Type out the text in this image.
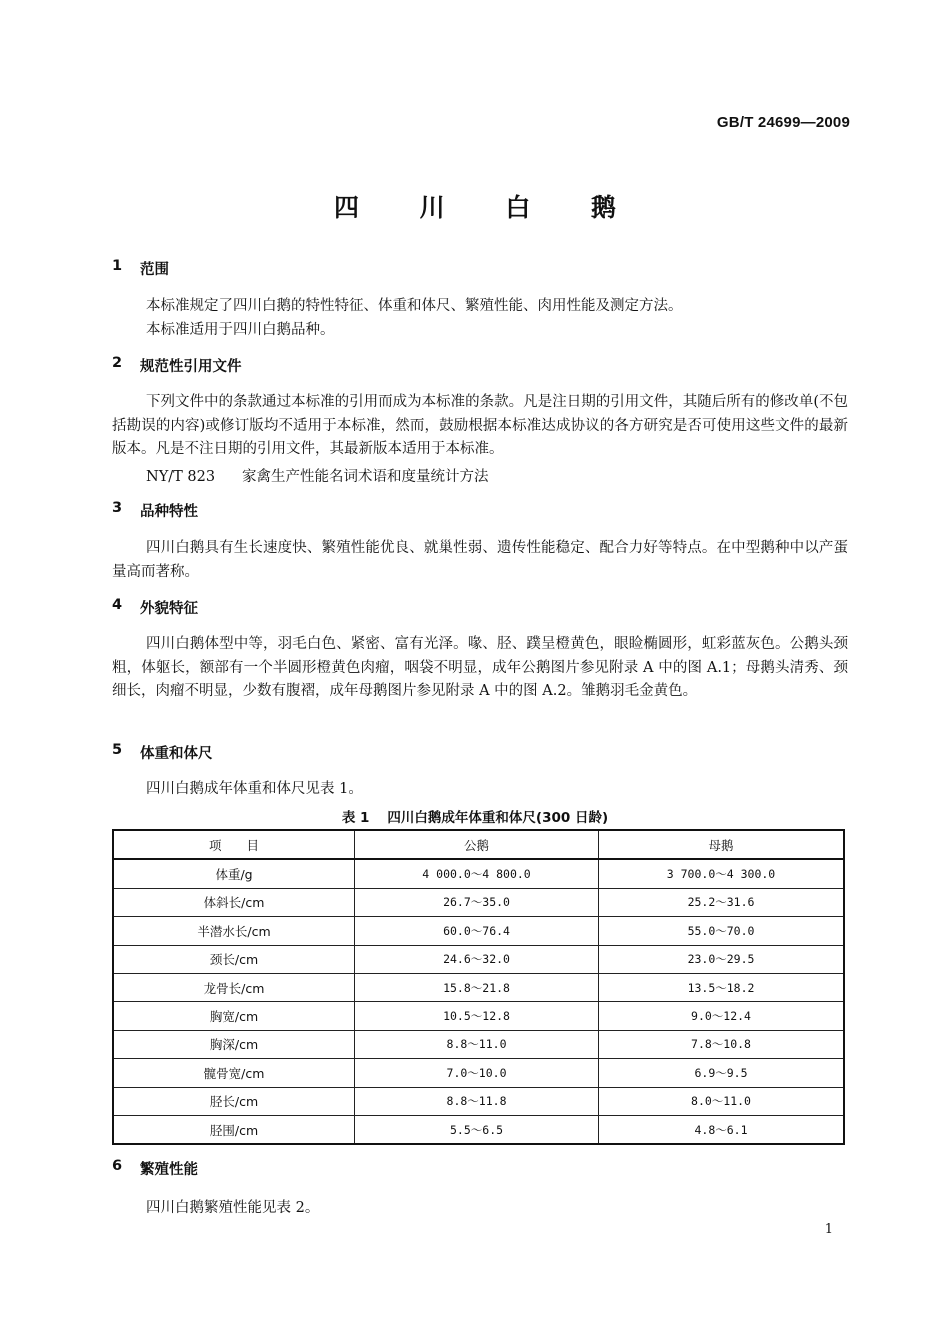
GB/T 24699—2009
四 川 白 鹅
1	范围
本标准规定了四川白鹅的特性特征、体重和体尺、繁殖性能、肉用性能及测定方法。
本标准适用于四川白鹅品种。
2	规范性引用文件

下列文件中的条款通过本标准的引用而成为本标准的条款。凡是注日期的引用文件，其随后所有的修改单(不包括勘误的内容)或修订版均不适用于本标准，然而，鼓励根据本标准达成协议的各方研究是否可使用这些文件的最新版本。凡是不注日期的引用文件，其最新版本适用于本标准。

NY/T 823 家禽生产性能名词术语和度量统计方法
3	品种特性

四川白鹅具有生长速度快、繁殖性能优良、就巢性弱、遗传性能稳定、配合力好等特点。在中型鹅种中以产蛋量高而著称。

4	外貌特征

四川白鹅体型中等，羽毛白色、紧密、富有光泽。喙、胫、蹼呈橙黄色，眼睑椭圆形，虹彩蓝灰色。公鹅头颈粗，体躯长，额部有一个半圆形橙黄色肉瘤，咽袋不明显，成年公鹅图片参见附录 A 中的图 A.1；母鹅头清秀、颈细长，肉瘤不明显，少数有腹褶，成年母鹅图片参见附录 A 中的图 A.2。雏鹅羽毛金黄色。

5	体重和体尺
四川白鹅成年体重和体尺见表 1。
表 1 四川白鹅成年体重和体尺(300 日龄)
项　　目	公鹅	母鹅
体重/g	4 000.0～4 800.0	3 700.0～4 300.0
体斜长/cm	26.7～35.0	25.2～31.6
半潜水长/cm	60.0～76.4	55.0～70.0
颈长/cm	24.6～32.0	23.0～29.5
龙骨长/cm	15.8～21.8	13.5～18.2
胸宽/cm	10.5～12.8	9.0～12.4
胸深/cm	8.8～11.0	7.8～10.8
髋骨宽/cm	7.0～10.0	6.9～9.5
胫长/cm	8.8～11.8	8.0～11.0
胫围/cm	5.5～6.5	4.8～6.1
6	繁殖性能
四川白鹅繁殖性能见表 2。
1
